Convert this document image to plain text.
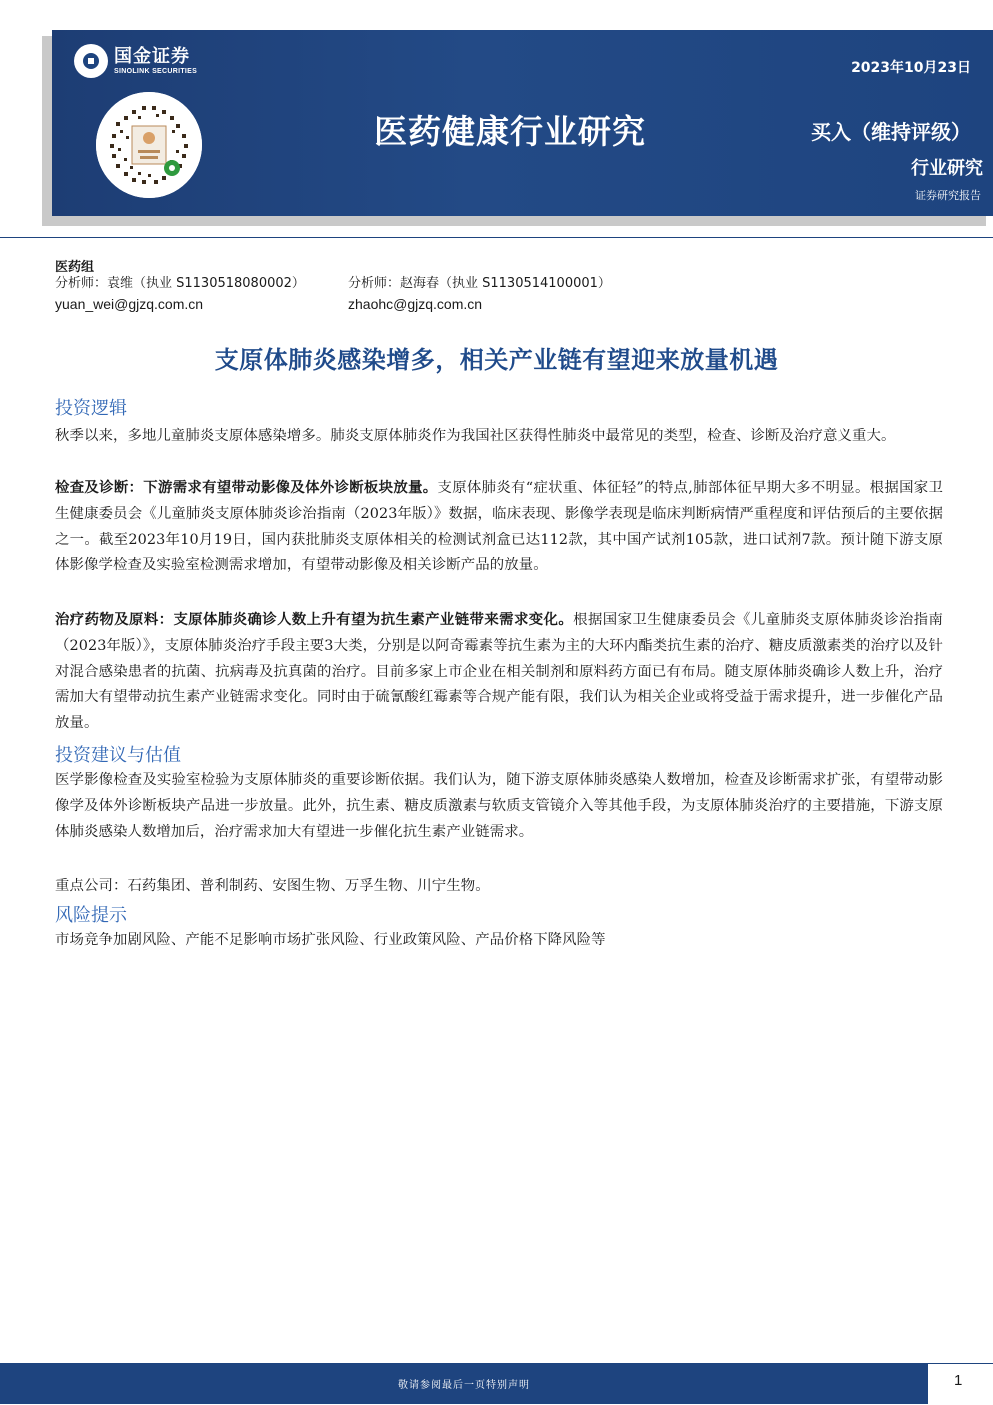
国金证券
SINOLINK SECURITIES
医药健康行业研究
2023年10月23日
买入（维持评级）
行业研究
证券研究报告
医药组
分析师：袁维（执业 S1130518080002）
yuan_wei@gjzq.com.cn
分析师：赵海春（执业 S1130514100001）
zhaohc@gjzq.com.cn
支原体肺炎感染增多，相关产业链有望迎来放量机遇
投资逻辑
秋季以来，多地儿童肺炎支原体感染增多。肺炎支原体肺炎作为我国社区获得性肺炎中最常见的类型，检查、诊断及治疗意义重大。
检查及诊断：下游需求有望带动影像及体外诊断板块放量。支原体肺炎有“症状重、体征轻”的特点,肺部体征早期大多不明显。根据国家卫生健康委员会《儿童肺炎支原体肺炎诊治指南（2023年版）》数据，临床表现、影像学表现是临床判断病情严重程度和评估预后的主要依据之一。截至2023年10月19日，国内获批肺炎支原体相关的检测试剂盒已达112款，其中国产试剂105款，进口试剂7款。预计随下游支原体影像学检查及实验室检测需求增加，有望带动影像及相关诊断产品的放量。
治疗药物及原料：支原体肺炎确诊人数上升有望为抗生素产业链带来需求变化。根据国家卫生健康委员会《儿童肺炎支原体肺炎诊治指南（2023年版）》，支原体肺炎治疗手段主要3大类，分别是以阿奇霉素等抗生素为主的大环内酯类抗生素的治疗、糖皮质激素类的治疗以及针对混合感染患者的抗菌、抗病毒及抗真菌的治疗。目前多家上市企业在相关制剂和原料药方面已有布局。随支原体肺炎确诊人数上升，治疗需加大有望带动抗生素产业链需求变化。同时由于硫氰酸红霉素等合规产能有限，我们认为相关企业或将受益于需求提升，进一步催化产品放量。
投资建议与估值
医学影像检查及实验室检验为支原体肺炎的重要诊断依据。我们认为，随下游支原体肺炎感染人数增加，检查及诊断需求扩张，有望带动影像学及体外诊断板块产品进一步放量。此外，抗生素、糖皮质激素与软质支管镜介入等其他手段，为支原体肺炎治疗的主要措施，下游支原体肺炎感染人数增加后，治疗需求加大有望进一步催化抗生素产业链需求。
重点公司：石药集团、普利制药、安图生物、万孚生物、川宁生物。
风险提示
市场竞争加剧风险、产能不足影响市场扩张风险、行业政策风险、产品价格下降风险等
敬请参阅最后一页特别声明	1
